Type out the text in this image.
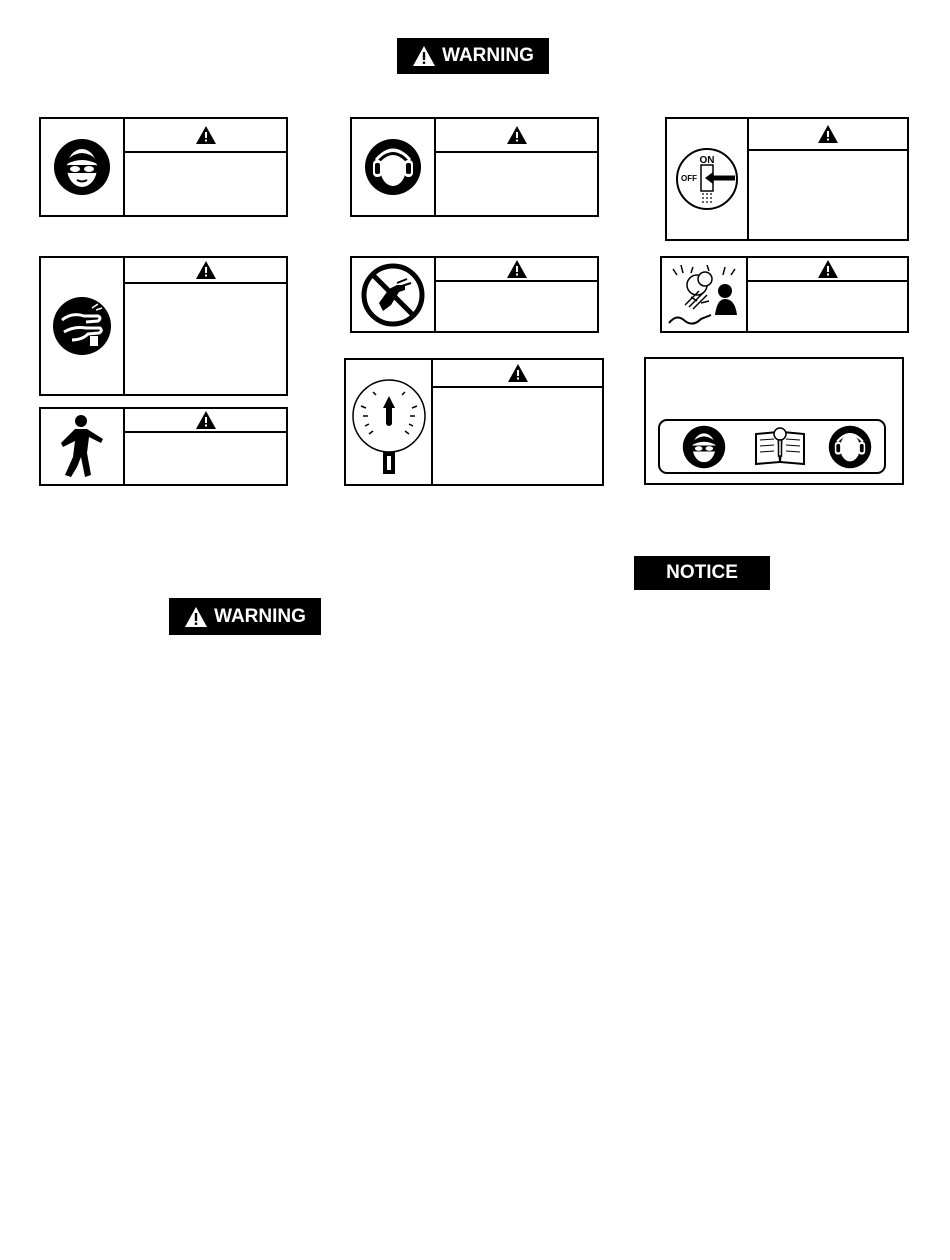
WARNING
ON
OFF
NOTICE
WARNING
